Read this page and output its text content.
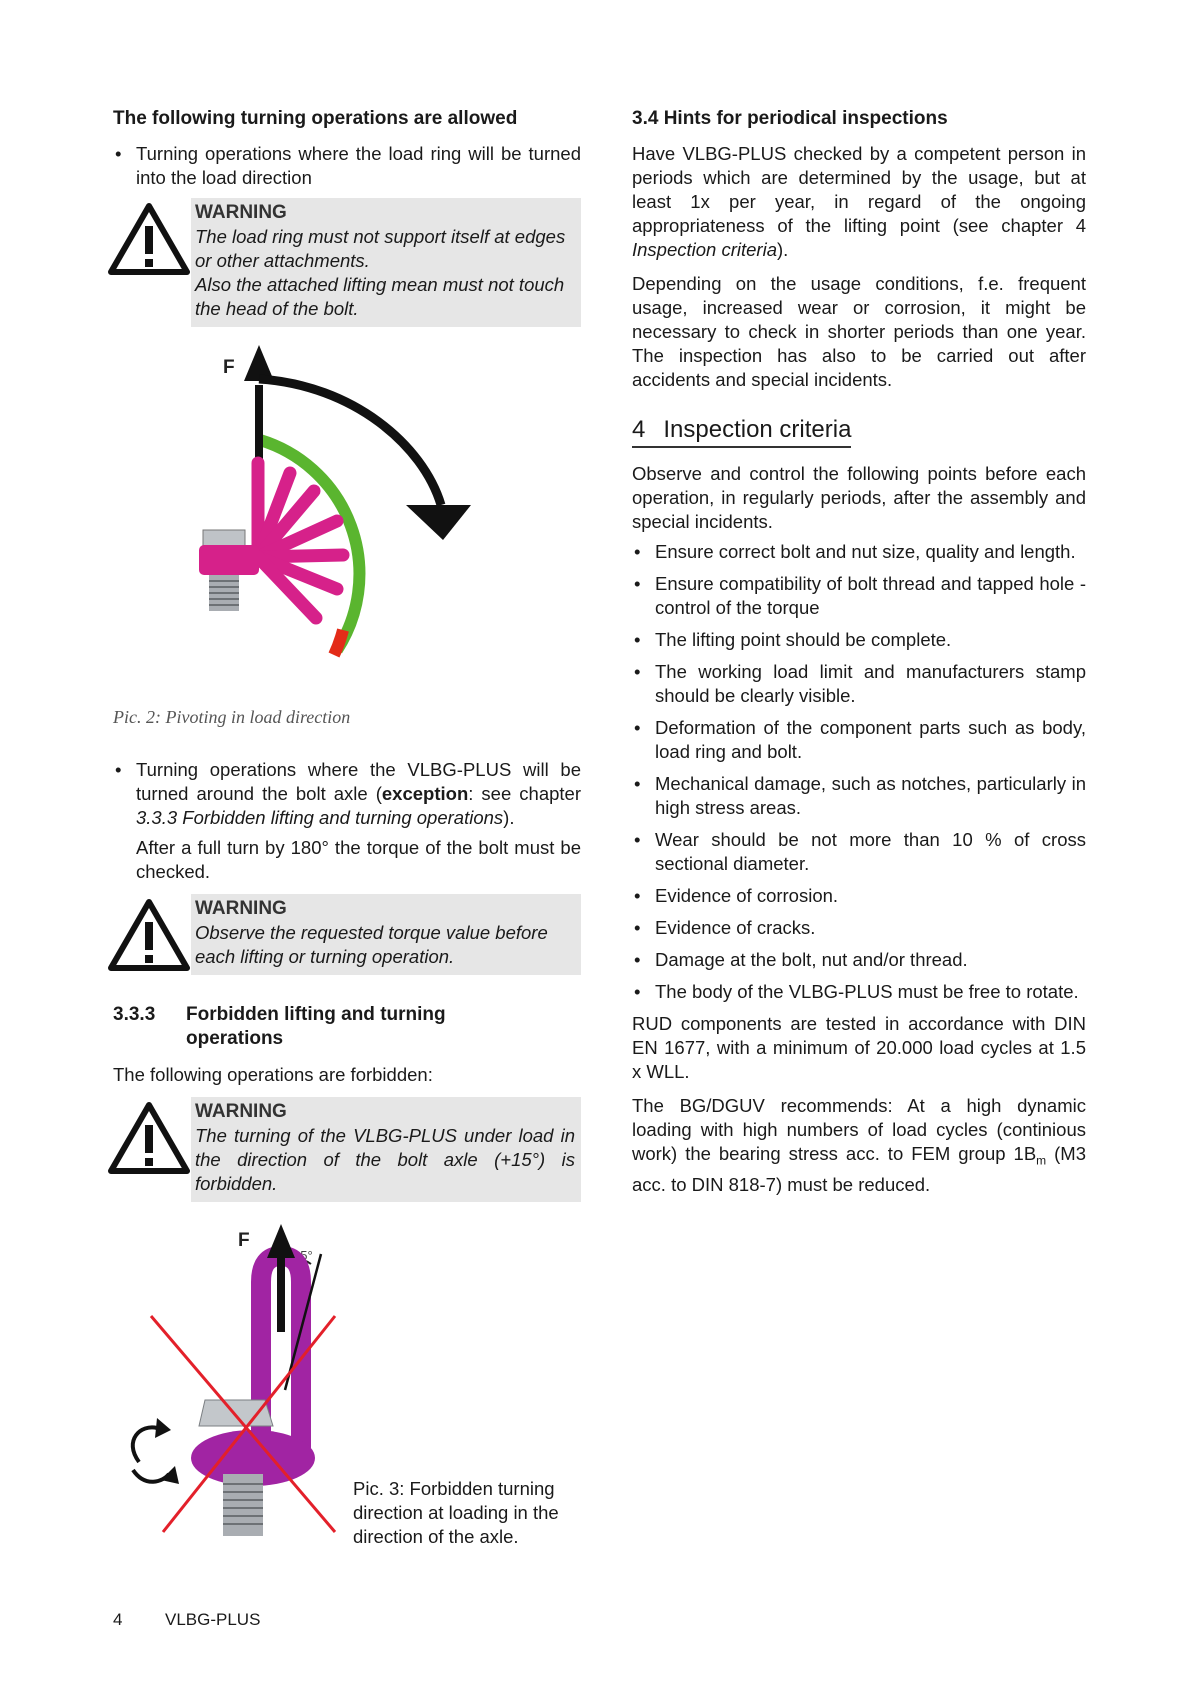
The following turning operations are allowed
• Turning operations where the load ring will be turned into the load direction
WARNING

The load ring must not support itself at edges or other attachments.

Also the attached lifting mean must not touch the head of the bolt.

F
Pic. 2: Pivoting in load direction
• Turning operations where the VLBG-PLUS will be turned around the bolt axle (exception: see chapter 3.3.3 Forbidden lifting and turning operations).

After a full turn by 180° the torque of the bolt must be checked.

WARNING

Observe the requested torque value before each lifting or turning operation.

3.3.3	Forbidden lifting and turning operations

The following operations are forbidden:

WARNING

The turning of the VLBG-PLUS under load in the direction of the bolt axle (+15°) is forbidden.

F
15°
Pic. 3: Forbidden turning direction at loading in the direction of the axle.
3.4 Hints for periodical inspections

Have VLBG-PLUS checked by a competent person in periods which are determined by the usage, but at least 1x per year, in regard of the ongoing appropriateness of the lifting point (see chapter 4 Inspection criteria).

Depending on the usage conditions, f.e. frequent usage, increased wear or corrosion, it might be necessary to check in shorter periods than one year. The inspection has also to be carried out after accidents and special incidents.

4 Inspection criteria

Observe and control the following points before each operation, in regularly periods, after the assembly and special incidents.

• Ensure correct bolt and nut size, quality and length.
• Ensure compatibility of bolt thread and tapped hole - control of the torque
• The lifting point should be complete.
• The working load limit and manufacturers stamp should be clearly visible.
• Deformation of the component parts such as body, load ring and bolt.
• Mechanical damage, such as notches, particularly in high stress areas.
• Wear should be not more than 10 % of cross sectional diameter.
• Evidence of corrosion.
• Evidence of cracks.
• Damage at the bolt, nut and/or thread.
• The body of the VLBG-PLUS must be free to rotate.

RUD components are tested in accordance with DIN EN 1677, with a minimum of 20.000 load cycles at 1.5 x WLL.

The BG/DGUV recommends: At a high dynamic loading with high numbers of load cycles (continious work) the bearing stress acc. to FEM group $1B_m$ (M3 acc. to DIN 818-7) must be reduced.

4	VLBG-PLUS
